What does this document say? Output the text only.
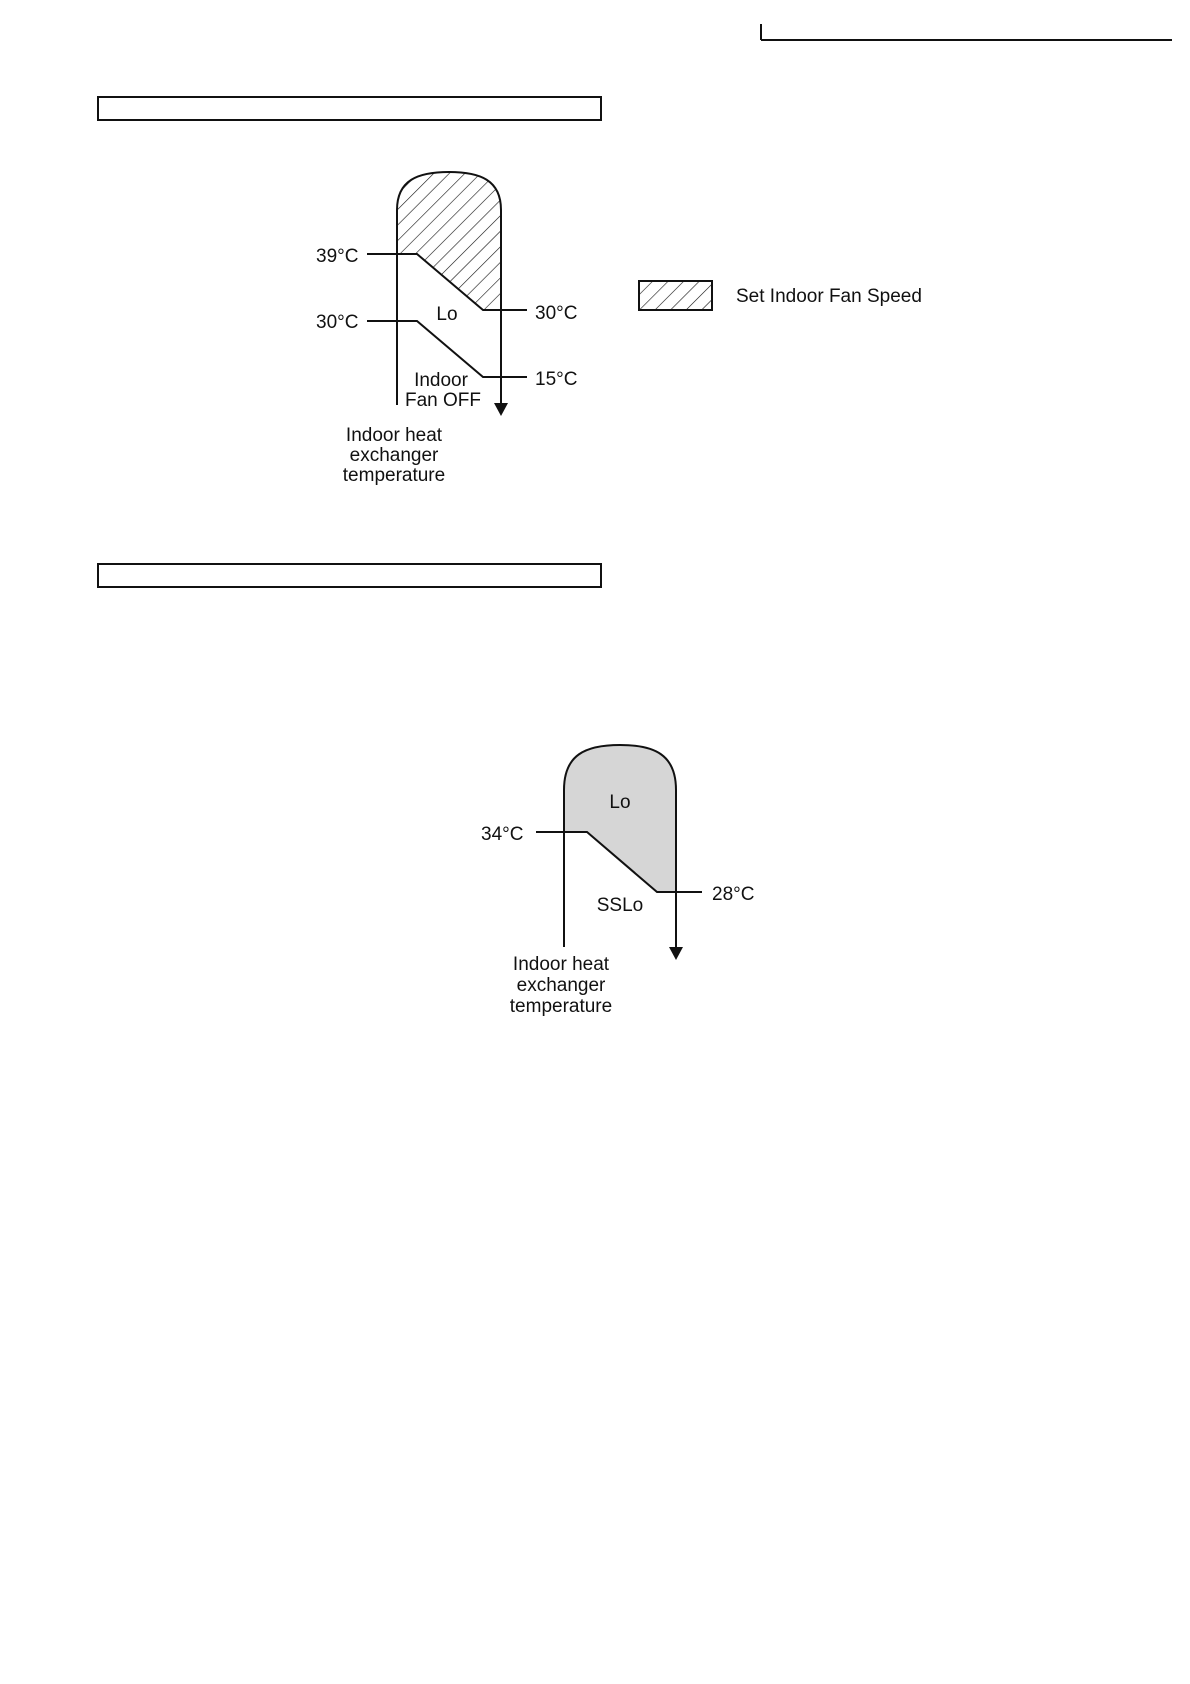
39°C
30°C
30°C
15°C
Lo
Indoor
Fan OFF
Indoor heat
exchanger
temperature
Set Indoor Fan Speed
34°C
28°C
Lo
SSLo
Indoor heat
exchanger
temperature
